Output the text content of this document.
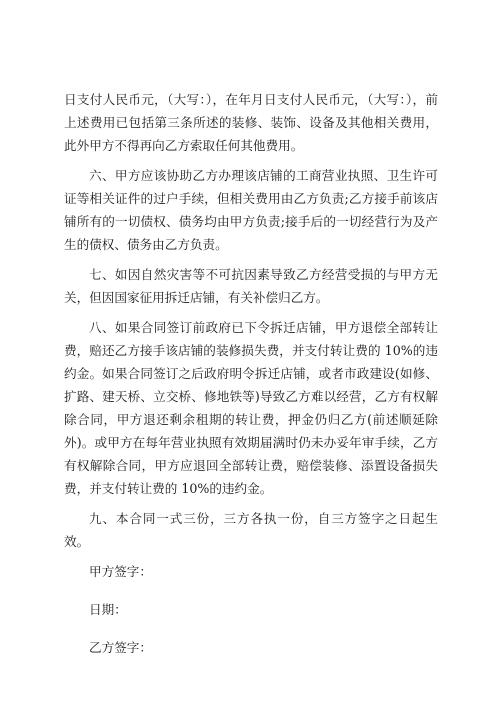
日支付人民币元，（大写：），在年月日支付人民币元，（大写：），前上述费用已包括第三条所述的装修、装饰、设备及其他相关费用，此外甲方不得再向乙方索取任何其他费用。

六、甲方应该协助乙方办理该店铺的工商营业执照、卫生许可证等相关证件的过户手续，但相关费用由乙方负责;乙方接手前该店铺所有的一切债权、债务均由甲方负责;接手后的一切经营行为及产生的债权、债务由乙方负责。

七、如因自然灾害等不可抗因素导致乙方经营受损的与甲方无关，但因国家征用拆迁店铺，有关补偿归乙方。

八、如果合同签订前政府已下令拆迁店铺，甲方退偿全部转让费，赔还乙方接手该店铺的装修损失费，并支付转让费的 10%的违约金。如果合同签订之后政府明令拆迁店铺，或者市政建设(如修、扩路、建天桥、立交桥、修地铁等)导致乙方难以经营，乙方有权解除合同，甲方退还剩余租期的转让费，押金仍归乙方(前述顺延除外)。或甲方在每年营业执照有效期届满时仍未办妥年审手续，乙方有权解除合同，甲方应退回全部转让费，赔偿装修、添置设备损失费，并支付转让费的 10%的违约金。

九、本合同一式三份，三方各执一份，自三方签字之日起生效。

甲方签字：

日期：

乙方签字：
